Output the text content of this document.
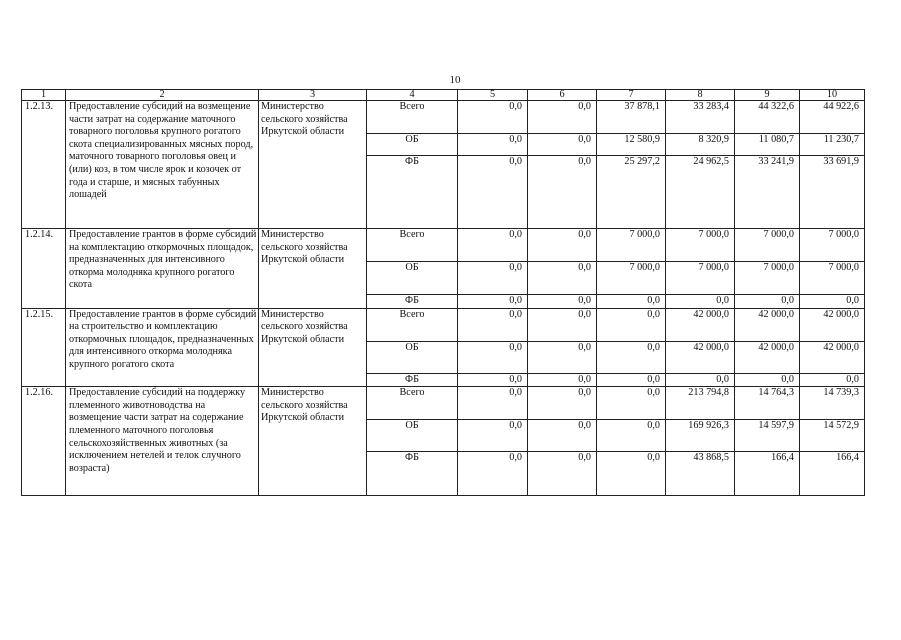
10
1	2	3	4	5	6	7	8	9	10
1.2.13.	Предоставление субсидий на возмещение части затрат на содержание маточного товарного поголовья крупного рогатого скота специализированных мясных пород, маточного товарного поголовья овец и (или) коз, в том числе ярок и козочек от года и старше, и мясных табунных лошадей	Министерство сельского хозяйства Иркутской области	Всего	0,0	0,0	37 878,1	33 283,4	44 322,6	44 922,6
			ОБ	0,0	0,0	12 580,9	8 320,9	11 080,7	11 230,7
			ФБ	0,0	0,0	25 297,2	24 962,5	33 241,9	33 691,9
1.2.14.	Предоставление грантов в форме субсидий на комплектацию откормочных площадок, предназначенных для интенсивного откорма молодняка крупного рогатого скота	Министерство сельского хозяйства Иркутской области	Всего	0,0	0,0	7 000,0	7 000,0	7 000,0	7 000,0
			ОБ	0,0	0,0	7 000,0	7 000,0	7 000,0	7 000,0
			ФБ	0,0	0,0	0,0	0,0	0,0	0,0
1.2.15.	Предоставление грантов в форме субсидий на строительство и комплектацию откормочных площадок, предназначенных для интенсивного откорма молодняка крупного рогатого скота	Министерство сельского хозяйства Иркутской области	Всего	0,0	0,0	0,0	42 000,0	42 000,0	42 000,0
			ОБ	0,0	0,0	0,0	42 000,0	42 000,0	42 000,0
			ФБ	0,0	0,0	0,0	0,0	0,0	0,0
1.2.16.	Предоставление субсидий на поддержку племенного животноводства на возмещение части затрат на содержание племенного маточного поголовья сельскохозяйственных животных (за исключением нетелей и телок случного возраста)	Министерство сельского хозяйства Иркутской области	Всего	0,0	0,0	0,0	213 794,8	14 764,3	14 739,3
			ОБ	0,0	0,0	0,0	169 926,3	14 597,9	14 572,9
			ФБ	0,0	0,0	0,0	43 868,5	166,4	166,4
